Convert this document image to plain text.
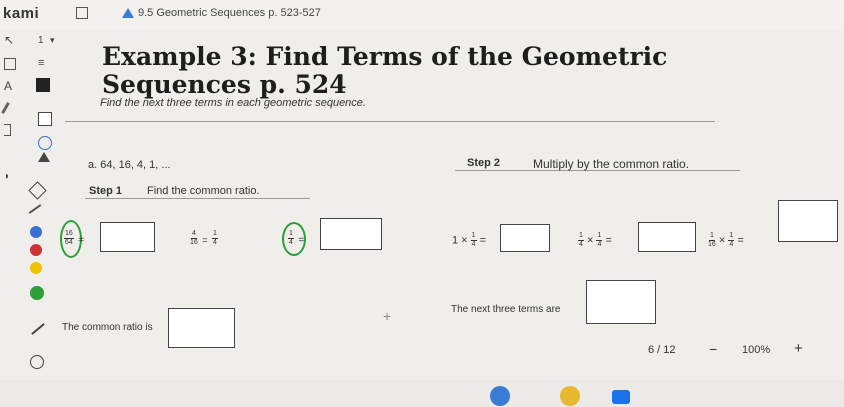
kami	9.5 Geometric Sequences p. 523-527
↖ 1 ▾
≡
A
◗
Example 3: Find Terms of the Geometric
Sequences p. 524
Find the next three terms in each geometric sequence.
a. 64, 16, 4, 1, ...	Step 2	Multiply by the common ratio.
Step 1 Find the common ratio.
$\frac{16}{64}$ =	$\frac{4}{16} = \frac{1}{4}$	$\frac{1}{4}$ =	$1 \times \frac{1}{4}$ =	$\frac{1}{4} \times \frac{1}{4}$ =	$\frac{1}{16} \times \frac{1}{4}$ =
The common ratio is
+	The next three terms are
6 / 12 − 100% +
